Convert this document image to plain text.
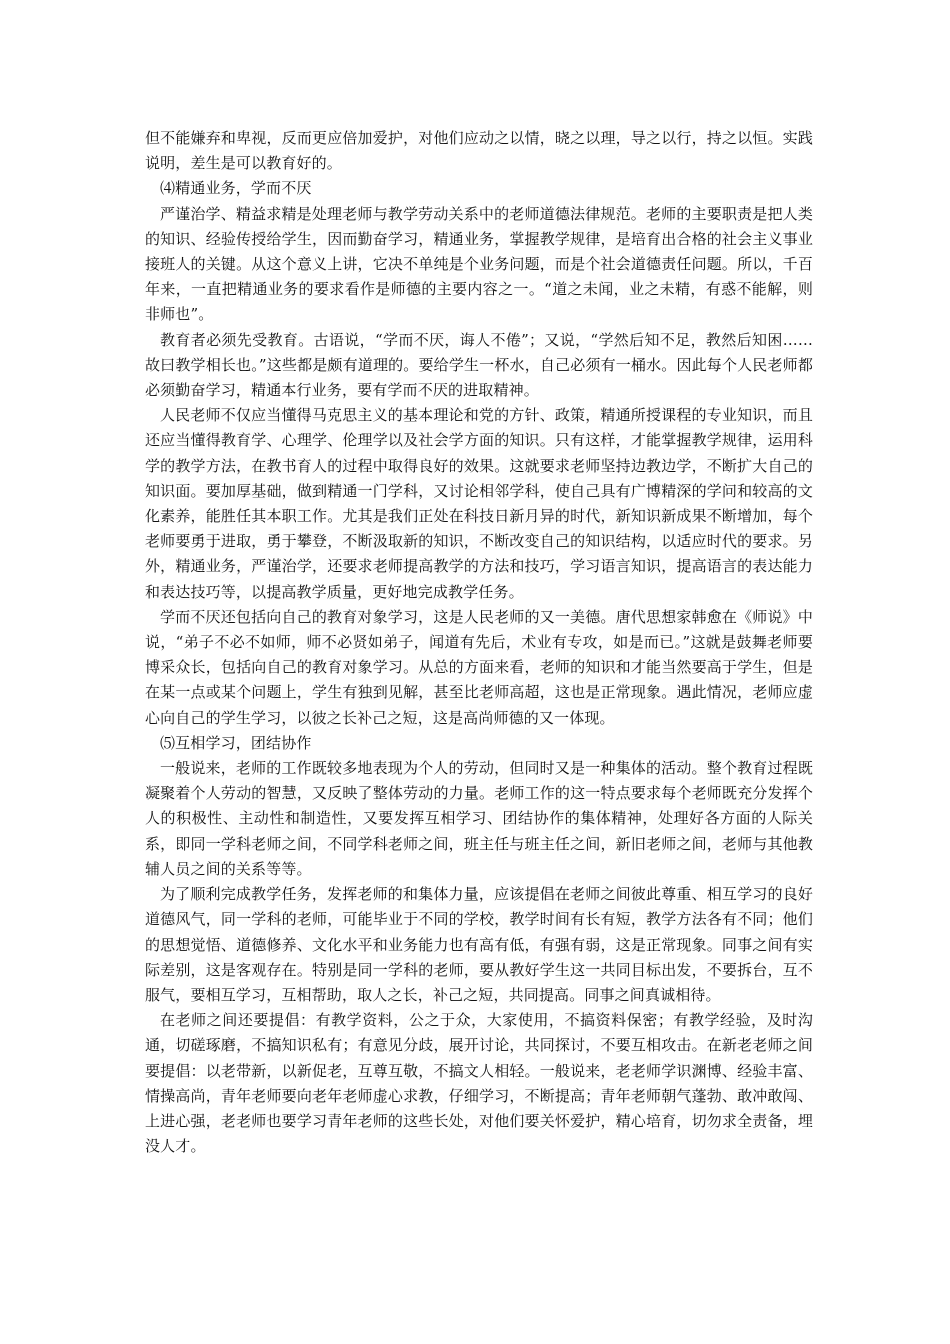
但不能嫌弃和卑视，反而更应倍加爱护，对他们应动之以情，晓之以理，导之以行，持之以恒。实践说明，差生是可以教育好的。

⑷精通业务，学而不厌

严谨治学、精益求精是处理老师与教学劳动关系中的老师道德法律规范。老师的主要职责是把人类的知识、经验传授给学生，因而勤奋学习，精通业务，掌握教学规律，是培育出合格的社会主义事业接班人的关键。从这个意义上讲，它决不单纯是个业务问题，而是个社会道德责任问题。所以，千百年来，一直把精通业务的要求看作是师德的主要内容之一。“道之未闻，业之未精，有惑不能解，则非师也”。

教育者必须先受教育。古语说，“学而不厌，诲人不倦”；又说，“学然后知不足，教然后知困……故曰教学相长也。”这些都是颇有道理的。要给学生一杯水，自己必须有一桶水。因此每个人民老师都必须勤奋学习，精通本行业务，要有学而不厌的进取精神。

人民老师不仅应当懂得马克思主义的基本理论和党的方针、政策，精通所授课程的专业知识，而且还应当懂得教育学、心理学、伦理学以及社会学方面的知识。只有这样，才能掌握教学规律，运用科学的教学方法，在教书育人的过程中取得良好的效果。这就要求老师坚持边教边学，不断扩大自己的知识面。要加厚基础，做到精通一门学科，又讨论相邻学科，使自己具有广博精深的学问和较高的文化素养，能胜任其本职工作。尤其是我们正处在科技日新月异的时代，新知识新成果不断增加，每个老师要勇于进取，勇于攀登，不断汲取新的知识，不断改变自己的知识结构，以适应时代的要求。另外，精通业务，严谨治学，还要求老师提高教学的方法和技巧，学习语言知识，提高语言的表达能力和表达技巧等，以提高教学质量，更好地完成教学任务。

学而不厌还包括向自己的教育对象学习，这是人民老师的又一美德。唐代思想家韩愈在《师说》中说，“弟子不必不如师，师不必贤如弟子，闻道有先后，术业有专攻，如是而已。”这就是鼓舞老师要博采众长，包括向自己的教育对象学习。从总的方面来看，老师的知识和才能当然要高于学生，但是在某一点或某个问题上，学生有独到见解，甚至比老师高超，这也是正常现象。遇此情况，老师应虚心向自己的学生学习，以彼之长补己之短，这是高尚师德的又一体现。

⑸互相学习，团结协作

一般说来，老师的工作既较多地表现为个人的劳动，但同时又是一种集体的活动。整个教育过程既凝聚着个人劳动的智慧，又反映了整体劳动的力量。老师工作的这一特点要求每个老师既充分发挥个人的积极性、主动性和制造性，又要发挥互相学习、团结协作的集体精神，处理好各方面的人际关系，即同一学科老师之间，不同学科老师之间，班主任与班主任之间，新旧老师之间，老师与其他教辅人员之间的关系等等。

为了顺利完成教学任务，发挥老师的和集体力量，应该提倡在老师之间彼此尊重、相互学习的良好道德风气，同一学科的老师，可能毕业于不同的学校，教学时间有长有短，教学方法各有不同；他们的思想觉悟、道德修养、文化水平和业务能力也有高有低，有强有弱，这是正常现象。同事之间有实际差别，这是客观存在。特别是同一学科的老师，要从教好学生这一共同目标出发，不要拆台，互不服气，要相互学习，互相帮助，取人之长，补己之短，共同提高。同事之间真诚相待。

在老师之间还要提倡：有教学资料，公之于众，大家使用，不搞资料保密；有教学经验，及时沟通，切磋琢磨，不搞知识私有；有意见分歧，展开讨论，共同探讨，不要互相攻击。在新老老师之间要提倡：以老带新，以新促老，互尊互敬，不搞文人相轻。一般说来，老老师学识渊博、经验丰富、情操高尚，青年老师要向老年老师虚心求教，仔细学习，不断提高；青年老师朝气蓬勃、敢冲敢闯、上进心强，老老师也要学习青年老师的这些长处，对他们要关怀爱护，精心培育，切勿求全责备，埋没人才。
